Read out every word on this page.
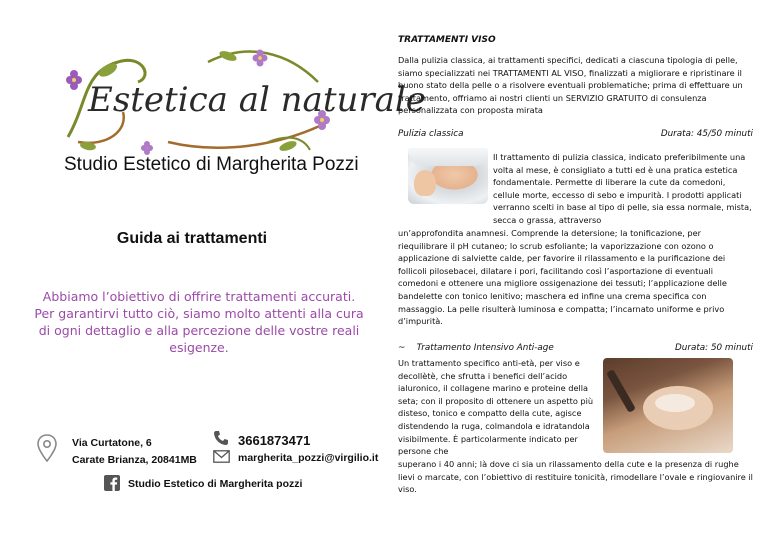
Estetica al naturale
Studio Estetico di Margherita Pozzi
Guida ai trattamenti
Abbiamo l’obiettivo di offrire trattamenti accurati. Per garantirvi tutto ciò, siamo molto attenti alla cura di ogni dettaglio e alla percezione delle vostre reali esigenze.
Via Curtatone, 6
Carate Brianza, 20841MB
3661873471
margherita_pozzi@virgilio.it
Studio Estetico di Margherita pozzi
TRATTAMENTI VISO
Dalla pulizia classica, ai trattamenti specifici, dedicati a ciascuna tipologia di pelle, siamo specializzati nei TRATTAMENTI AL VISO, finalizzati a migliorare e ripristinare il buono stato della pelle o a risolvere eventuali problematiche; prima di effettuare un trattamento, offriamo ai nostri clienti un SERVIZIO GRATUITO di consulenza personalizzata con proposta mirata
Pulizia classica	Durata: 45/50 minuti
Il trattamento di pulizia classica, indicato preferibilmente una volta al mese, è consigliato a tutti ed è una pratica estetica fondamentale. Permette di liberare la cute da comedoni, cellule morte, eccesso di sebo e impurità. I prodotti applicati verranno scelti in base al tipo di pelle, sia essa normale, mista, secca o grassa, attraverso
un’approfondita anamnesi. Comprende la detersione; la tonificazione, per riequilibrare il pH cutaneo; lo scrub esfoliante; la vaporizzazione con ozono o applicazione di salviette calde, per favorire il rilassamento e la purificazione dei follicoli pilosebacei, dilatare i pori, facilitando così l’asportazione di eventuali comedoni e ottenere una migliore ossigenazione dei tessuti; l’applicazione delle bandelette con tonico lenitivo; maschera ed infine una crema specifica con massaggio. La pelle risulterà luminosa e compatta; l’incarnato uniforme e privo d’impurità.
~ Trattamento Intensivo Anti-age	Durata: 50 minuti
Un trattamento specifico anti-età, per viso e decollètè, che sfrutta i benefici dell’acido ialuronico, il collagene marino e proteine della seta; con il proposito di ottenere un aspetto più disteso, tonico e compatto della cute, agisce distendendo la ruga, colmandola e idratandola visibilmente. È particolarmente indicato per persone che
superano i 40 anni; là dove ci sia un rilassamento della cute e la presenza di rughe lievi o marcate, con l’obiettivo di restituire tonicità, rimodellare l’ovale e ringiovanire il viso.
